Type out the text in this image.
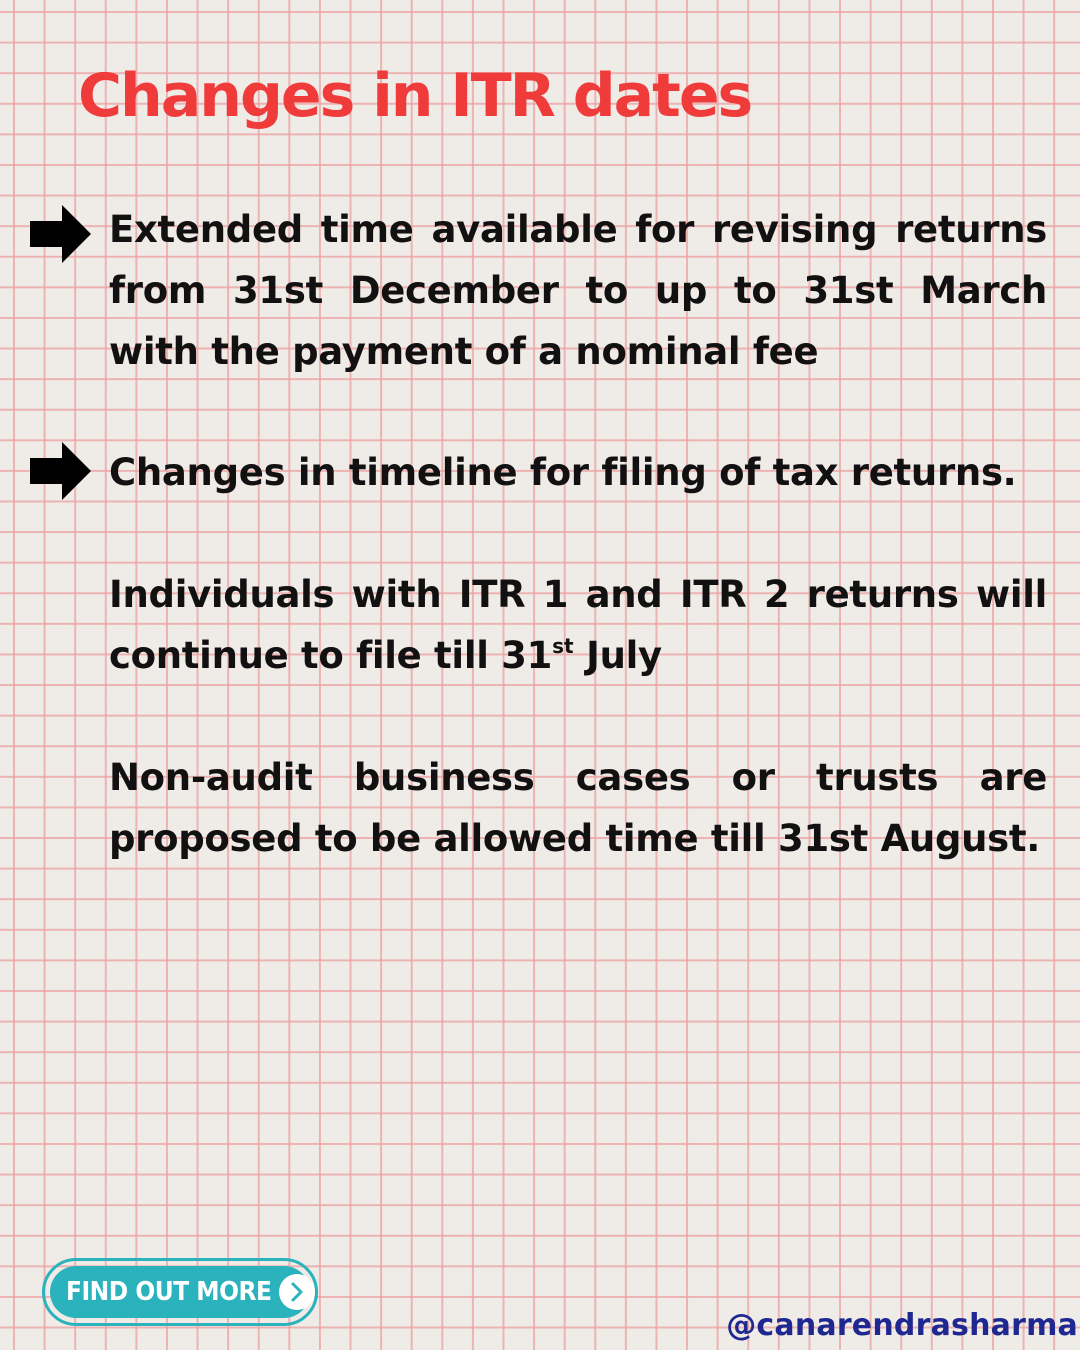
Changes in ITR dates

Extended time available for revising returns from 31st December to up to 31st March with the payment of a nominal fee

Changes in timeline for filing of tax returns.

Individuals with ITR 1 and ITR 2 returns will continue to file till 31st July

Non-audit business cases or trusts are proposed to be allowed time till 31st August.

FIND OUT MORE
@canarendrasharma
